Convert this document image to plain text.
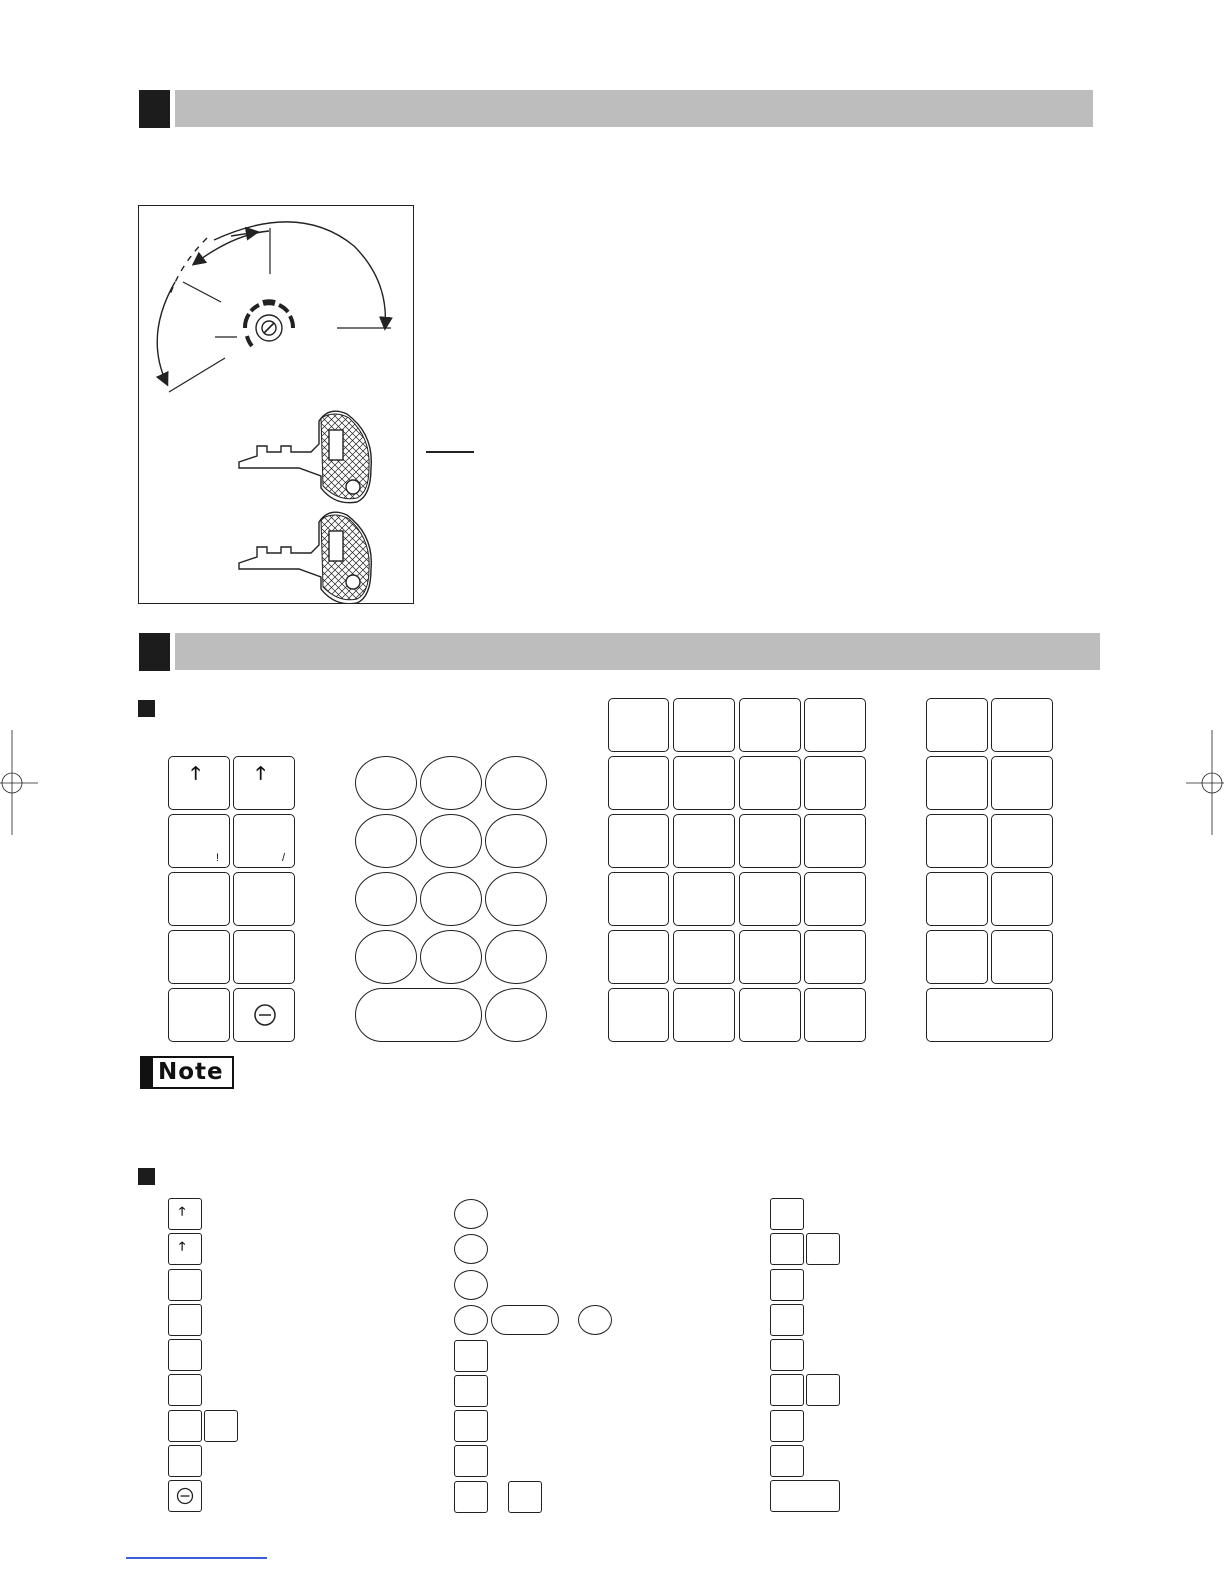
🡑	🡑
!	/
Note
🡑
🡑
